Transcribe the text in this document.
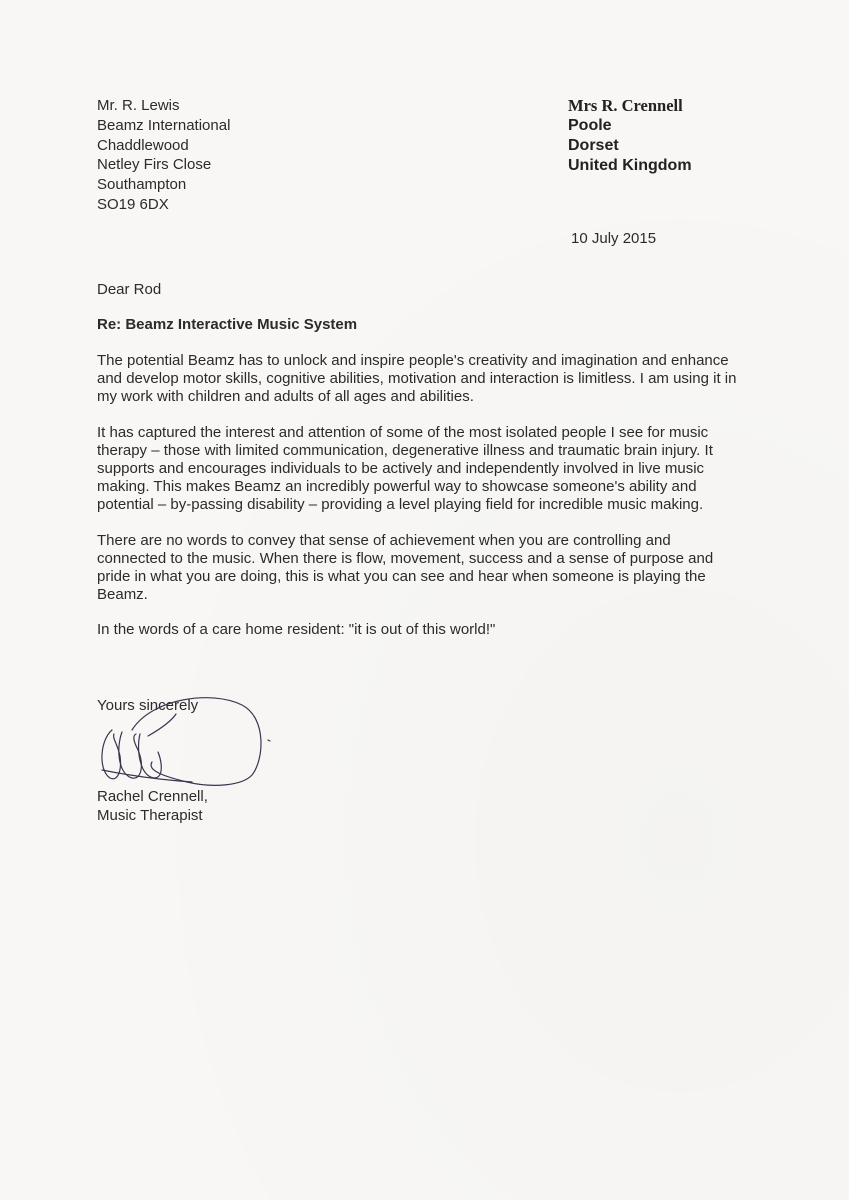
Mr. R. Lewis
Beamz International
Chaddlewood
Netley Firs Close
Southampton
SO19 6DX
Mrs R. Crennell
Poole
Dorset
United Kingdom
10 July 2015
Dear Rod
Re: Beamz Interactive Music System

The potential Beamz has to unlock and inspire people's creativity and imagination and enhance and develop motor skills, cognitive abilities, motivation and interaction is limitless. I am using it in my work with children and adults of all ages and abilities.

It has captured the interest and attention of some of the most isolated people I see for music therapy – those with limited communication, degenerative illness and traumatic brain injury. It supports and encourages individuals to be actively and independently involved in live music making. This makes Beamz an incredibly powerful way to showcase someone's ability and potential – by-passing disability – providing a level playing field for incredible music making.

There are no words to convey that sense of achievement when you are controlling and connected to the music. When there is flow, movement, success and a sense of purpose and pride in what you are doing, this is what you can see and hear when someone is playing the Beamz.

In the words of a care home resident: "it is out of this world!"

Yours sincerely
Rachel Crennell,
Music Therapist
